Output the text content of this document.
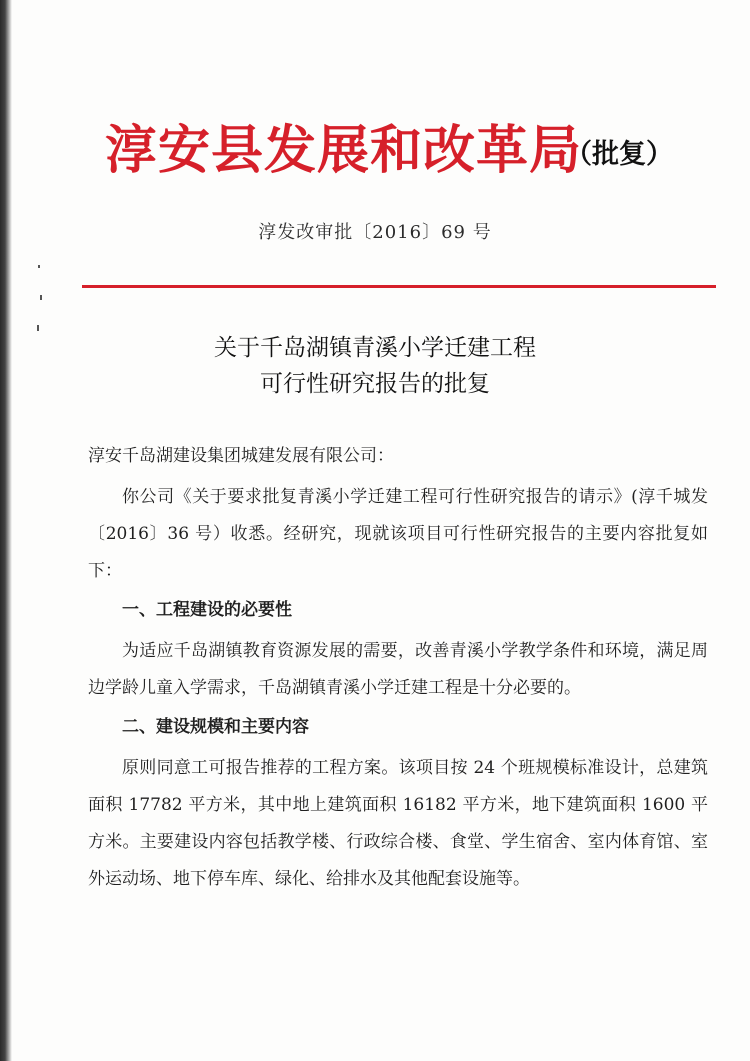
淳安县发展和改革局
（批复）
淳发改审批〔2016〕69 号
关于千岛湖镇青溪小学迁建工程
可行性研究报告的批复

淳安千岛湖建设集团城建发展有限公司：

你公司《关于要求批复青溪小学迁建工程可行性研究报告的请示》(淳千城发〔2016〕36 号）收悉。经研究，现就该项目可行性研究报告的主要内容批复如下：

一、工程建设的必要性

为适应千岛湖镇教育资源发展的需要，改善青溪小学教学条件和环境，满足周边学龄儿童入学需求，千岛湖镇青溪小学迁建工程是十分必要的。

二、建设规模和主要内容

原则同意工可报告推荐的工程方案。该项目按 24 个班规模标准设计，总建筑面积 17782 平方米，其中地上建筑面积 16182 平方米，地下建筑面积 1600 平方米。主要建设内容包括教学楼、行政综合楼、食堂、学生宿舍、室内体育馆、室外运动场、地下停车库、绿化、给排水及其他配套设施等。
